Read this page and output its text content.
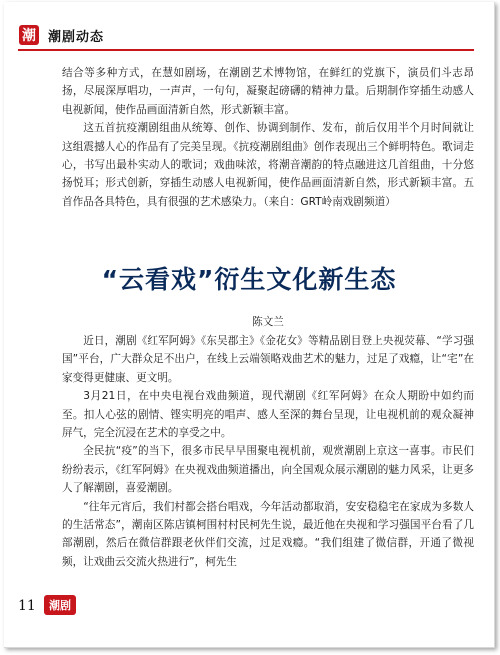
潮 潮剧动态

结合等多种方式，在慧如剧场，在潮剧艺术博物馆，在鲜红的党旗下，演员们斗志昂扬，尽展深厚唱功，一声声，一句句，凝聚起磅礴的精神力量。后期制作穿插生动感人电视新闻，使作品画面清新自然，形式新颖丰富。

这五首抗疫潮剧组曲从统筹、创作、协调到制作、发布，前后仅用半个月时间就让这组震撼人心的作品有了完美呈现。《抗疫潮剧组曲》创作表现出三个鲜明特色。歌词走心，书写出最朴实动人的歌词；戏曲味浓，将潮音潮韵的特点融进这几首组曲，十分悠扬悦耳；形式创新，穿插生动感人电视新闻，使作品画面清新自然，形式新颖丰富。五首作品各具特色，具有很强的艺术感染力。（来自：GRT岭南戏剧频道）

“云看戏”衍生文化新生态
陈文兰

近日，潮剧《红军阿姆》《东吴郡主》《金花女》等精品剧目登上央视荧幕、“学习强国”平台，广大群众足不出户，在线上云端领略戏曲艺术的魅力，过足了戏瘾，让“宅”在家变得更健康、更文明。

3月21日，在中央电视台戏曲频道，现代潮剧《红军阿姆》在众人期盼中如约而至。扣人心弦的剧情、铿实明亮的唱声、感人至深的舞台呈现，让电视机前的观众凝神屏气，完全沉浸在艺术的享受之中。

全民抗“疫”的当下，很多市民早早围聚电视机前，观赏潮剧上京这一喜事。市民们纷纷表示，《红军阿姆》在央视戏曲频道播出，向全国观众展示潮剧的魅力风采，让更多人了解潮剧，喜爱潮剧。

“往年元宵后，我们村都会搭台唱戏，今年活动都取消，安安稳稳宅在家成为多数人的生活常态”，潮南区陈店镇柯围村村民柯先生说，最近他在央视和学习强国平台看了几部潮剧，然后在微信群跟老伙伴们交流，过足戏瘾。“我们组建了微信群，开通了微视频，让戏曲云交流火热进行”，柯先生

11 潮剧
